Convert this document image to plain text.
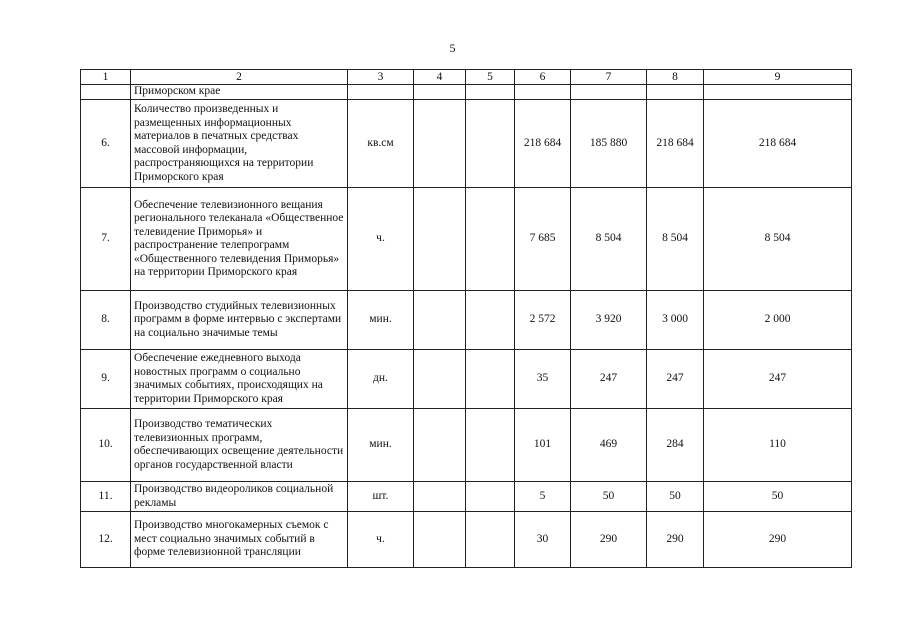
5
1	2	3	4	5	6	7	8	9
	Приморском крае							
6.	Количество произведенных и размещенных информационных материалов в печатных средствах массовой информации, распространяющихся на территории Приморского края	кв.см			218 684	185 880	218 684	218 684
7.	Обеспечение телевизионного вещания регионального телеканала «Общественное телевидение Приморья» и распространение телепрограмм «Общественного телевидения Приморья» на территории Приморского края	ч.			7 685	8 504	8 504	8 504
8.	Производство студийных телевизионных программ в форме интервью с экспертами на социально значимые темы	мин.			2 572	3 920	3 000	2 000
9.	Обеспечение ежедневного выхода новостных программ о социально значимых событиях, происходящих на территории Приморского края	дн.			35	247	247	247
10.	Производство тематических телевизионных программ, обеспечивающих освещение деятельности органов государственной власти	мин.			101	469	284	110
11.	Производство видеороликов социальной рекламы	шт.			5	50	50	50
12.	Производство многокамерных съемок с мест социально значимых событий в форме телевизионной трансляции	ч.			30	290	290	290
